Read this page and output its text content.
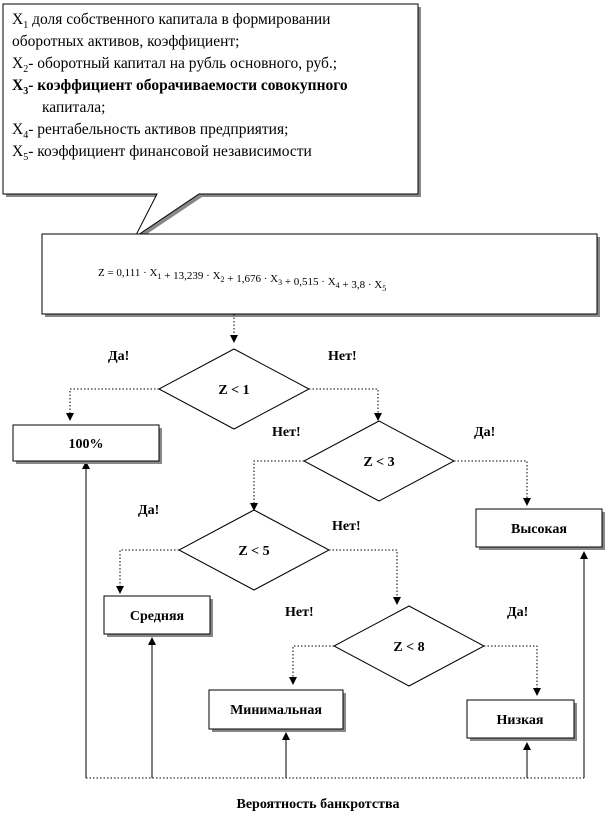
$X_1$ доля собственного капитала в формировании
оборотных активов, коэффициент;
$X_2-$ оборотный капитал на рубль основного, руб.;
$X_3-$ коэффициент оборачиваемости совокупного
капитала;
$X_4-$ рентабельность активов предприятия;
$X_5-$ коэффициент финансовой независимости
$Z = 0,111 \cdot X_1 + 13,239 \cdot X_2 + 1,676 \cdot X_3 + 0,515 \cdot X_4 + 3,8 \cdot X_5$
Z < 1
Z < 3
Z < 5
Z < 8
100%
Высокая
Средняя
Минимальная
Низкая
Да!	Нет!
Нет!	Да!
Да!
Нет!
Нет!	Да!
Вероятность банкротства
